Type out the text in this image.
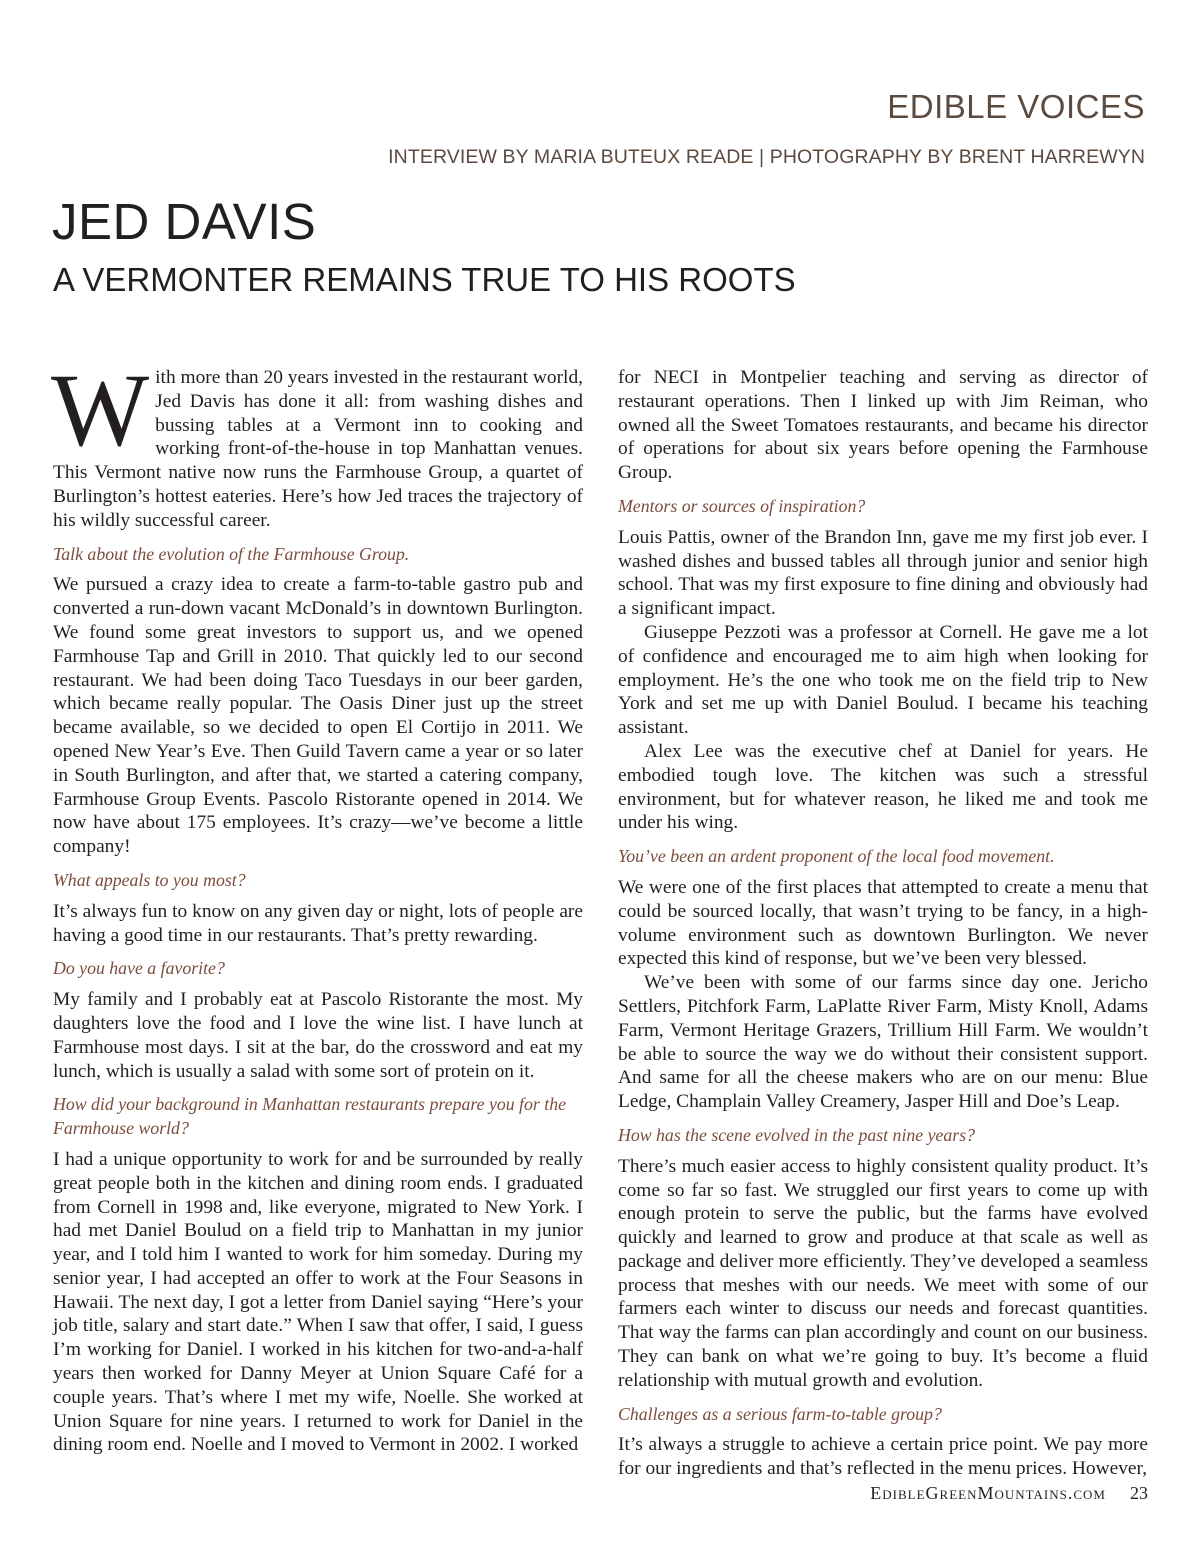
EDIBLE VOICES
INTERVIEW BY MARIA BUTEUX READE | PHOTOGRAPHY BY BRENT HARREWYN
JED DAVIS
A VERMONTER REMAINS TRUE TO HIS ROOTS

With more than 20 years invested in the restaurant world, Jed Davis has done it all: from washing dishes and bussing tables at a Vermont inn to cooking and working front-of-the-house in top Manhattan venues. This Vermont native now runs the Farmhouse Group, a quartet of Burlington’s hottest eateries. Here’s how Jed traces the trajectory of his wildly successful career.

Talk about the evolution of the Farmhouse Group.

We pursued a crazy idea to create a farm-to-table gastro pub and converted a run-down vacant McDonald’s in downtown Burlington. We found some great investors to support us, and we opened Farmhouse Tap and Grill in 2010. That quickly led to our second restaurant. We had been doing Taco Tuesdays in our beer garden, which became really popular. The Oasis Diner just up the street became available, so we decided to open El Cortijo in 2011. We opened New Year’s Eve. Then Guild Tavern came a year or so later in South Burlington, and after that, we started a catering company, Farmhouse Group Events. Pascolo Ristorante opened in 2014. We now have about 175 employees. It’s crazy—we’ve become a little company!

What appeals to you most?

It’s always fun to know on any given day or night, lots of people are having a good time in our restaurants. That’s pretty rewarding.

Do you have a favorite?

My family and I probably eat at Pascolo Ristorante the most. My daughters love the food and I love the wine list. I have lunch at Farmhouse most days. I sit at the bar, do the crossword and eat my lunch, which is usually a salad with some sort of protein on it.

How did your background in Manhattan restaurants prepare you for the Farmhouse world?

I had a unique opportunity to work for and be surrounded by really great people both in the kitchen and dining room ends. I graduated from Cornell in 1998 and, like everyone, migrated to New York. I had met Daniel Boulud on a field trip to Manhattan in my junior year, and I told him I wanted to work for him someday. During my senior year, I had accepted an offer to work at the Four Seasons in Hawaii. The next day, I got a letter from Daniel saying “Here’s your job title, salary and start date.” When I saw that offer, I said, I guess I’m working for Daniel. I worked in his kitchen for two-and-a-half years then worked for Danny Meyer at Union Square Café for a couple years. That’s where I met my wife, Noelle. She worked at Union Square for nine years. I returned to work for Daniel in the dining room end. Noelle and I moved to Vermont in 2002. I worked

for NECI in Montpelier teaching and serving as director of restaurant operations. Then I linked up with Jim Reiman, who owned all the Sweet Tomatoes restaurants, and became his director of operations for about six years before opening the Farmhouse Group.

Mentors or sources of inspiration?

Louis Pattis, owner of the Brandon Inn, gave me my first job ever. I washed dishes and bussed tables all through junior and senior high school. That was my first exposure to fine dining and obviously had a significant impact.

Giuseppe Pezzoti was a professor at Cornell. He gave me a lot of confidence and encouraged me to aim high when looking for employment. He’s the one who took me on the field trip to New York and set me up with Daniel Boulud. I became his teaching assistant.

Alex Lee was the executive chef at Daniel for years. He embodied tough love. The kitchen was such a stressful environment, but for whatever reason, he liked me and took me under his wing.

You’ve been an ardent proponent of the local food movement.

We were one of the first places that attempted to create a menu that could be sourced locally, that wasn’t trying to be fancy, in a high-volume environment such as downtown Burlington. We never expected this kind of response, but we’ve been very blessed.

We’ve been with some of our farms since day one. Jericho Settlers, Pitchfork Farm, LaPlatte River Farm, Misty Knoll, Adams Farm, Vermont Heritage Grazers, Trillium Hill Farm. We wouldn’t be able to source the way we do without their consistent support. And same for all the cheese makers who are on our menu: Blue Ledge, Champlain Valley Creamery, Jasper Hill and Doe’s Leap.

How has the scene evolved in the past nine years?

There’s much easier access to highly consistent quality product. It’s come so far so fast. We struggled our first years to come up with enough protein to serve the public, but the farms have evolved quickly and learned to grow and produce at that scale as well as package and deliver more efficiently. They’ve developed a seamless process that meshes with our needs. We meet with some of our farmers each winter to discuss our needs and forecast quantities. That way the farms can plan accordingly and count on our business. They can bank on what we’re going to buy. It’s become a fluid relationship with mutual growth and evolution.

Challenges as a serious farm-to-table group?

It’s always a struggle to achieve a certain price point. We pay more for our ingredients and that’s reflected in the menu prices. However,

EdibleGreenMountains.com 23
